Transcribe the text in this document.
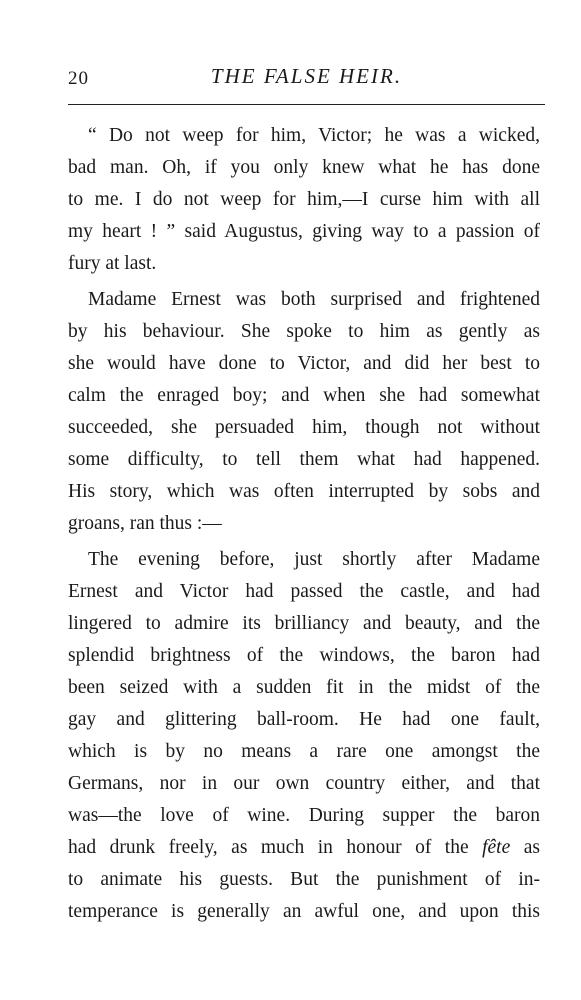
20	THE FALSE HEIR.
“ Do not weep for him, Victor; he was a wicked,
bad man. Oh, if you only knew what he has done
to me. I do not weep for him,—I curse him with all
my heart ! ” said Augustus, giving way to a passion of
fury at last.
Madame Ernest was both surprised and frightened
by his behaviour. She spoke to him as gently as
she would have done to Victor, and did her best to
calm the enraged boy; and when she had somewhat
succeeded, she persuaded him, though not without
some difficulty, to tell them what had happened.
His story, which was often interrupted by sobs and
groans, ran thus :—
The evening before, just shortly after Madame
Ernest and Victor had passed the castle, and had
lingered to admire its brilliancy and beauty, and the
splendid brightness of the windows, the baron had
been seized with a sudden fit in the midst of the
gay and glittering ball-room. He had one fault,
which is by no means a rare one amongst the
Germans, nor in our own country either, and that
was—the love of wine. During supper the baron
had drunk freely, as much in honour of the fête as
to animate his guests. But the punishment of in-
temperance is generally an awful one, and upon this
